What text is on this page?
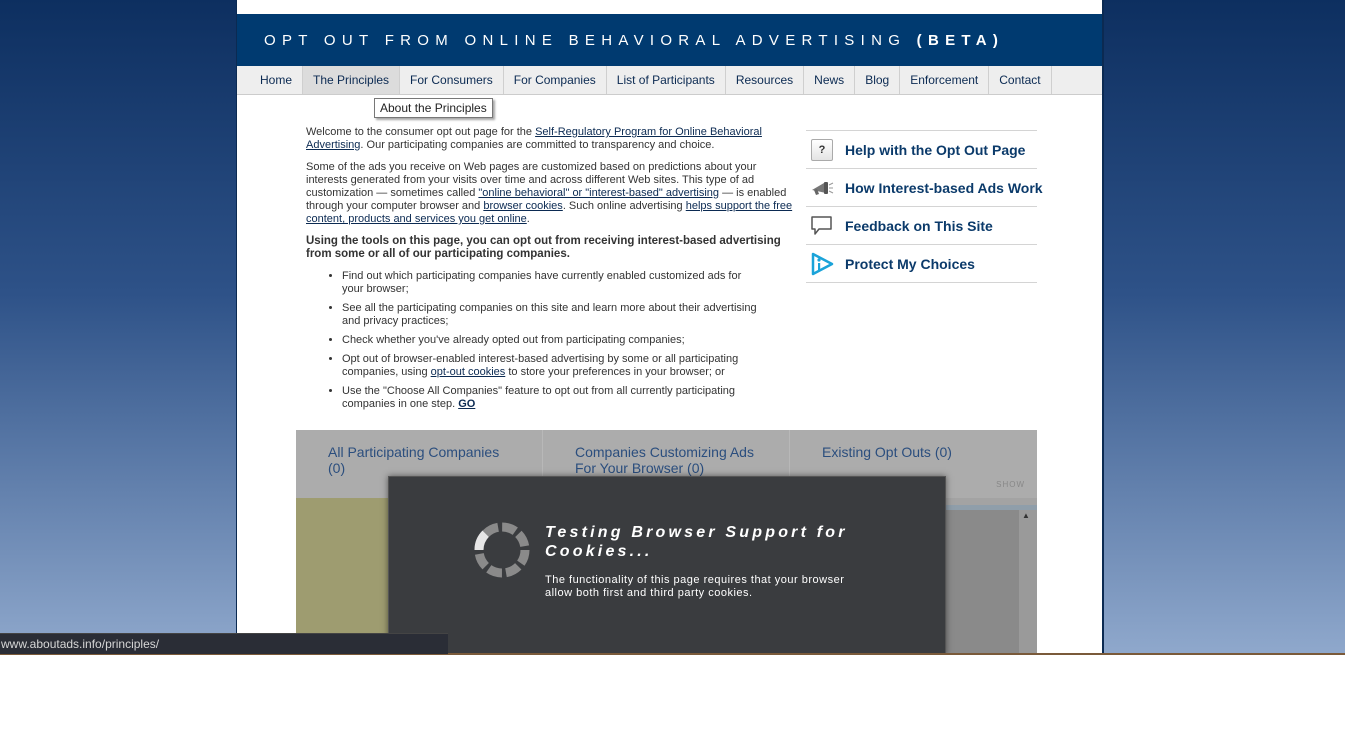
OPT OUT FROM ONLINE BEHAVIORAL ADVERTISING (BETA)
Home	The Principles	For Consumers	For Companies	List of Participants	Resources	News	Blog	Enforcement	Contact
About the Principles

Welcome to the consumer opt out page for the Self-Regulatory Program for Online Behavioral Advertising. Our participating companies are committed to transparency and choice.

Some of the ads you receive on Web pages are customized based on predictions about your interests generated from your visits over time and across different Web sites. This type of ad customization — sometimes called "online behavioral" or "interest-based" advertising — is enabled through your computer browser and browser cookies. Such online advertising helps support the free content, products and services you get online.

Using the tools on this page, you can opt out from receiving interest-based advertising from some or all of our participating companies.

• Find out which participating companies have currently enabled customized ads for your browser;
• See all the participating companies on this site and learn more about their advertising and privacy practices;
• Check whether you've already opted out from participating companies;
• Opt out of browser-enabled interest-based advertising by some or all participating companies, using opt-out cookies to store your preferences in your browser; or
• Use the "Choose All Companies" feature to opt out from all currently participating companies in one step. GO
?	Help with the Opt Out Page
How Interest-based Ads Work
Feedback on This Site
Protect My Choices
All Participating Companies (0)
Companies Customizing Ads For Your Browser (0)
Existing Opt Outs (0)
SHOW
▲
Testing Browser Support for Cookies...
The functionality of this page requires that your browser allow both first and third party cookies.
www.aboutads.info/principles/
